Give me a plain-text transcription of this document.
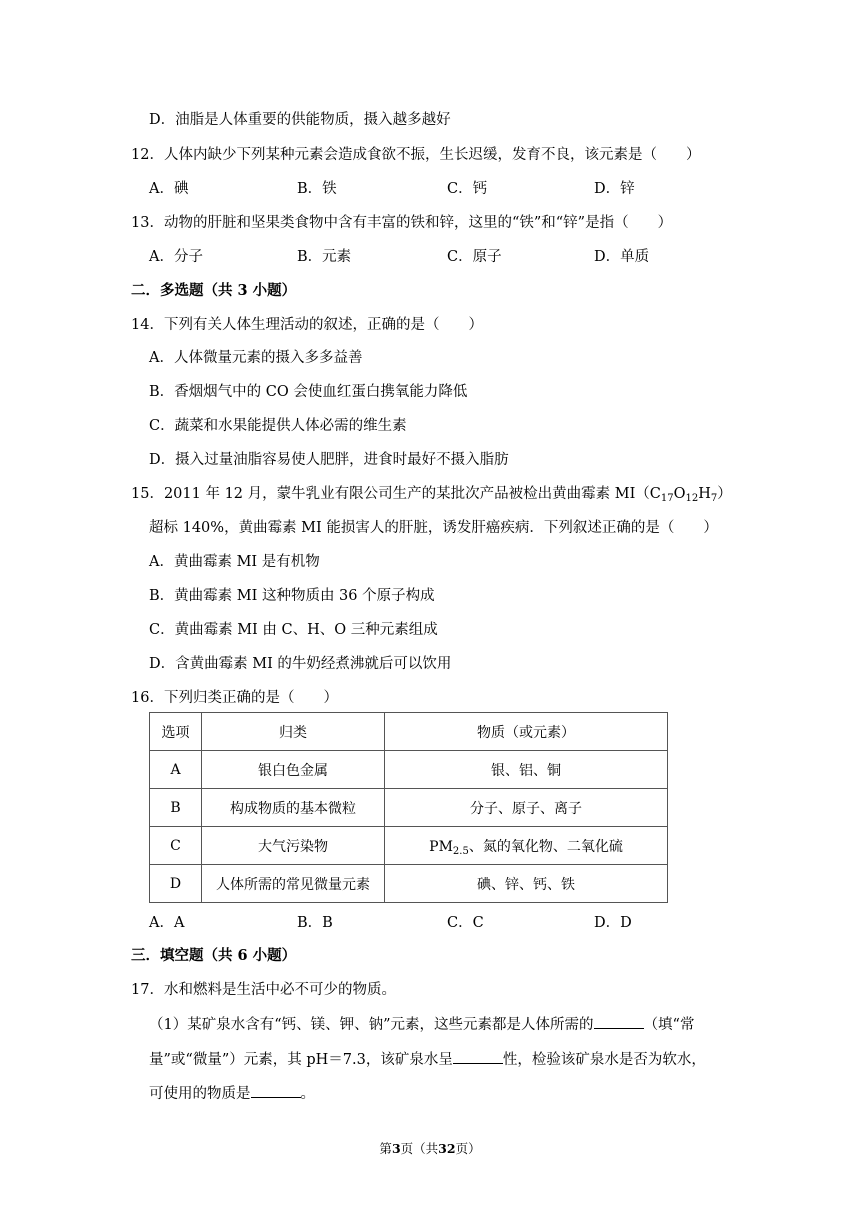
D．油脂是人体重要的供能物质，摄入越多越好
12．人体内缺少下列某种元素会造成食欲不振，生长迟缓，发育不良，该元素是（　　）
A．碘	B．铁	C．钙	D．锌
13．动物的肝脏和坚果类食物中含有丰富的铁和锌，这里的“铁”和“锌”是指（　　）
A．分子	B．元素	C．原子	D．单质
二．多选题（共 3 小题）
14．下列有关人体生理活动的叙述，正确的是（　　）
A．人体微量元素的摄入多多益善
B．香烟烟气中的 CO 会使血红蛋白携氧能力降低
C．蔬菜和水果能提供人体必需的维生素
D．摄入过量油脂容易使人肥胖，进食时最好不摄入脂肪
15．2011 年 12 月，蒙牛乳业有限公司生产的某批次产品被检出黄曲霉素 $MI(C_{17}O_{12}H_7)$
超标 140%，黄曲霉素 MI 能损害人的肝脏，诱发肝癌疾病．下列叙述正确的是（　　）
A．黄曲霉素 MI 是有机物
B．黄曲霉素 MI 这种物质由 36 个原子构成
C．黄曲霉素 MI 由 C、H、O 三种元素组成
D．含黄曲霉素 MI 的牛奶经煮沸就后可以饮用
16．下列归类正确的是（　　）
选项	归类	物质（或元素）
A	银白色金属	银、铝、铜
B	构成物质的基本微粒	分子、原子、离子
C	大气污染物	$PM_{2.5}$、氮的氧化物、二氧化硫
D	人体所需的常见微量元素	碘、锌、钙、铁
A．A	B．B	C．C	D．D
三．填空题（共 6 小题）
17．水和燃料是生活中必不可少的物质。
（1）某矿泉水含有“钙、镁、钾、钠”元素，这些元素都是人体所需的	（填“常
量”或“微量”）元素，其 pH＝7.3，该矿泉水呈	性，检验该矿泉水是否为软水，
可使用的物质是	。
第3页（共32页）
